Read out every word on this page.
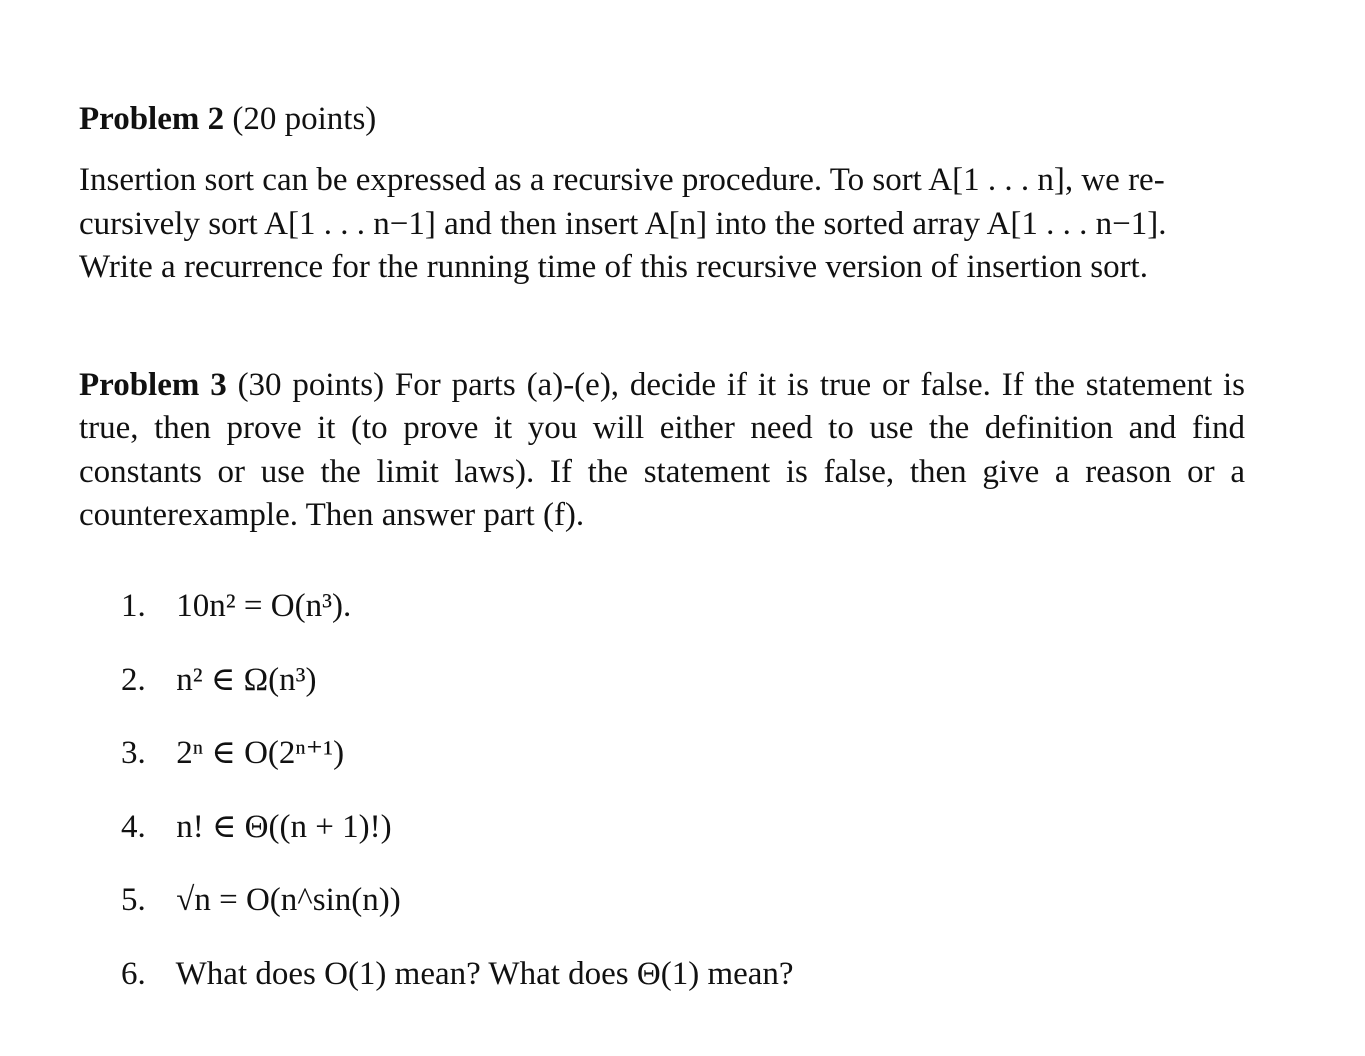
Problem 2 (20 points)

Insertion sort can be expressed as a recursive procedure. To sort A[1 . . . n], we re-
cursively sort A[1 . . . n−1] and then insert A[n] into the sorted array A[1 . . . n−1].
Write a recurrence for the running time of this recursive version of insertion sort.

Problem 3 (30 points) For parts (a)-(e), decide if it is true or false. If the statement is true, then prove it (to prove it you will either need to use the definition and find constants or use the limit laws). If the statement is false, then give a reason or a counterexample. Then answer part (f).

1. 10n² = O(n³).
2. n² ∈ Ω(n³)
3. 2ⁿ ∈ O(2ⁿ⁺¹)
4. n! ∈ Θ((n + 1)!)
5. √n = O(n^sin(n))
6. What does O(1) mean? What does Θ(1) mean?
